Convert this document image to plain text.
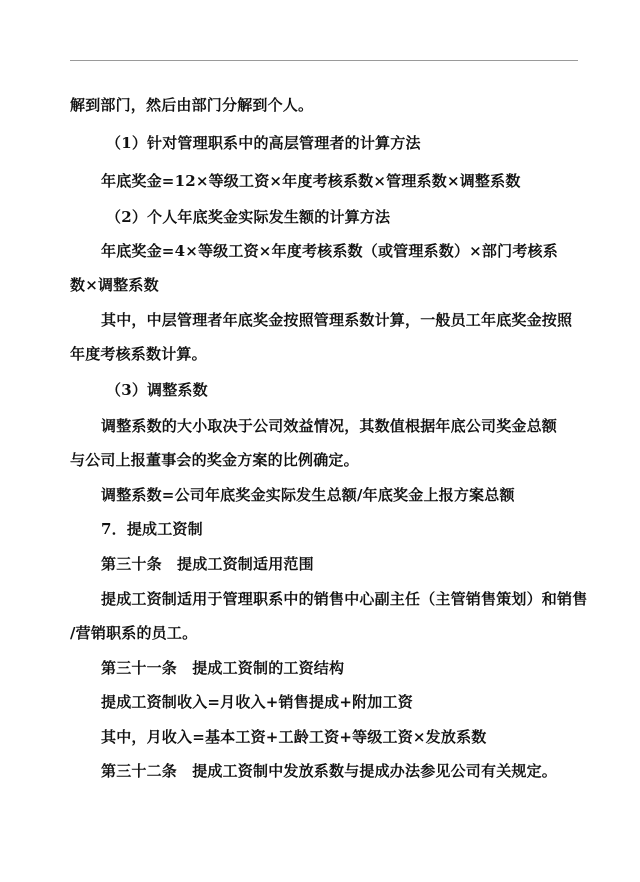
解到部门，然后由部门分解到个人。
（1）针对管理职系中的高层管理者的计算方法
年底奖金=12×等级工资×年度考核系数×管理系数×调整系数
（2）个人年底奖金实际发生额的计算方法
年底奖金=4×等级工资×年度考核系数（或管理系数）×部门考核系
数×调整系数
其中，中层管理者年底奖金按照管理系数计算，一般员工年底奖金按照
年度考核系数计算。
（3）调整系数
调整系数的大小取决于公司效益情况，其数值根据年底公司奖金总额
与公司上报董事会的奖金方案的比例确定。
调整系数=公司年底奖金实际发生总额/年底奖金上报方案总额
7．提成工资制
第三十条　提成工资制适用范围
提成工资制适用于管理职系中的销售中心副主任（主管销售策划）和销售
/营销职系的员工。
第三十一条　提成工资制的工资结构
提成工资制收入=月收入+销售提成+附加工资
其中，月收入=基本工资+工龄工资+等级工资×发放系数
第三十二条　提成工资制中发放系数与提成办法参见公司有关规定。
